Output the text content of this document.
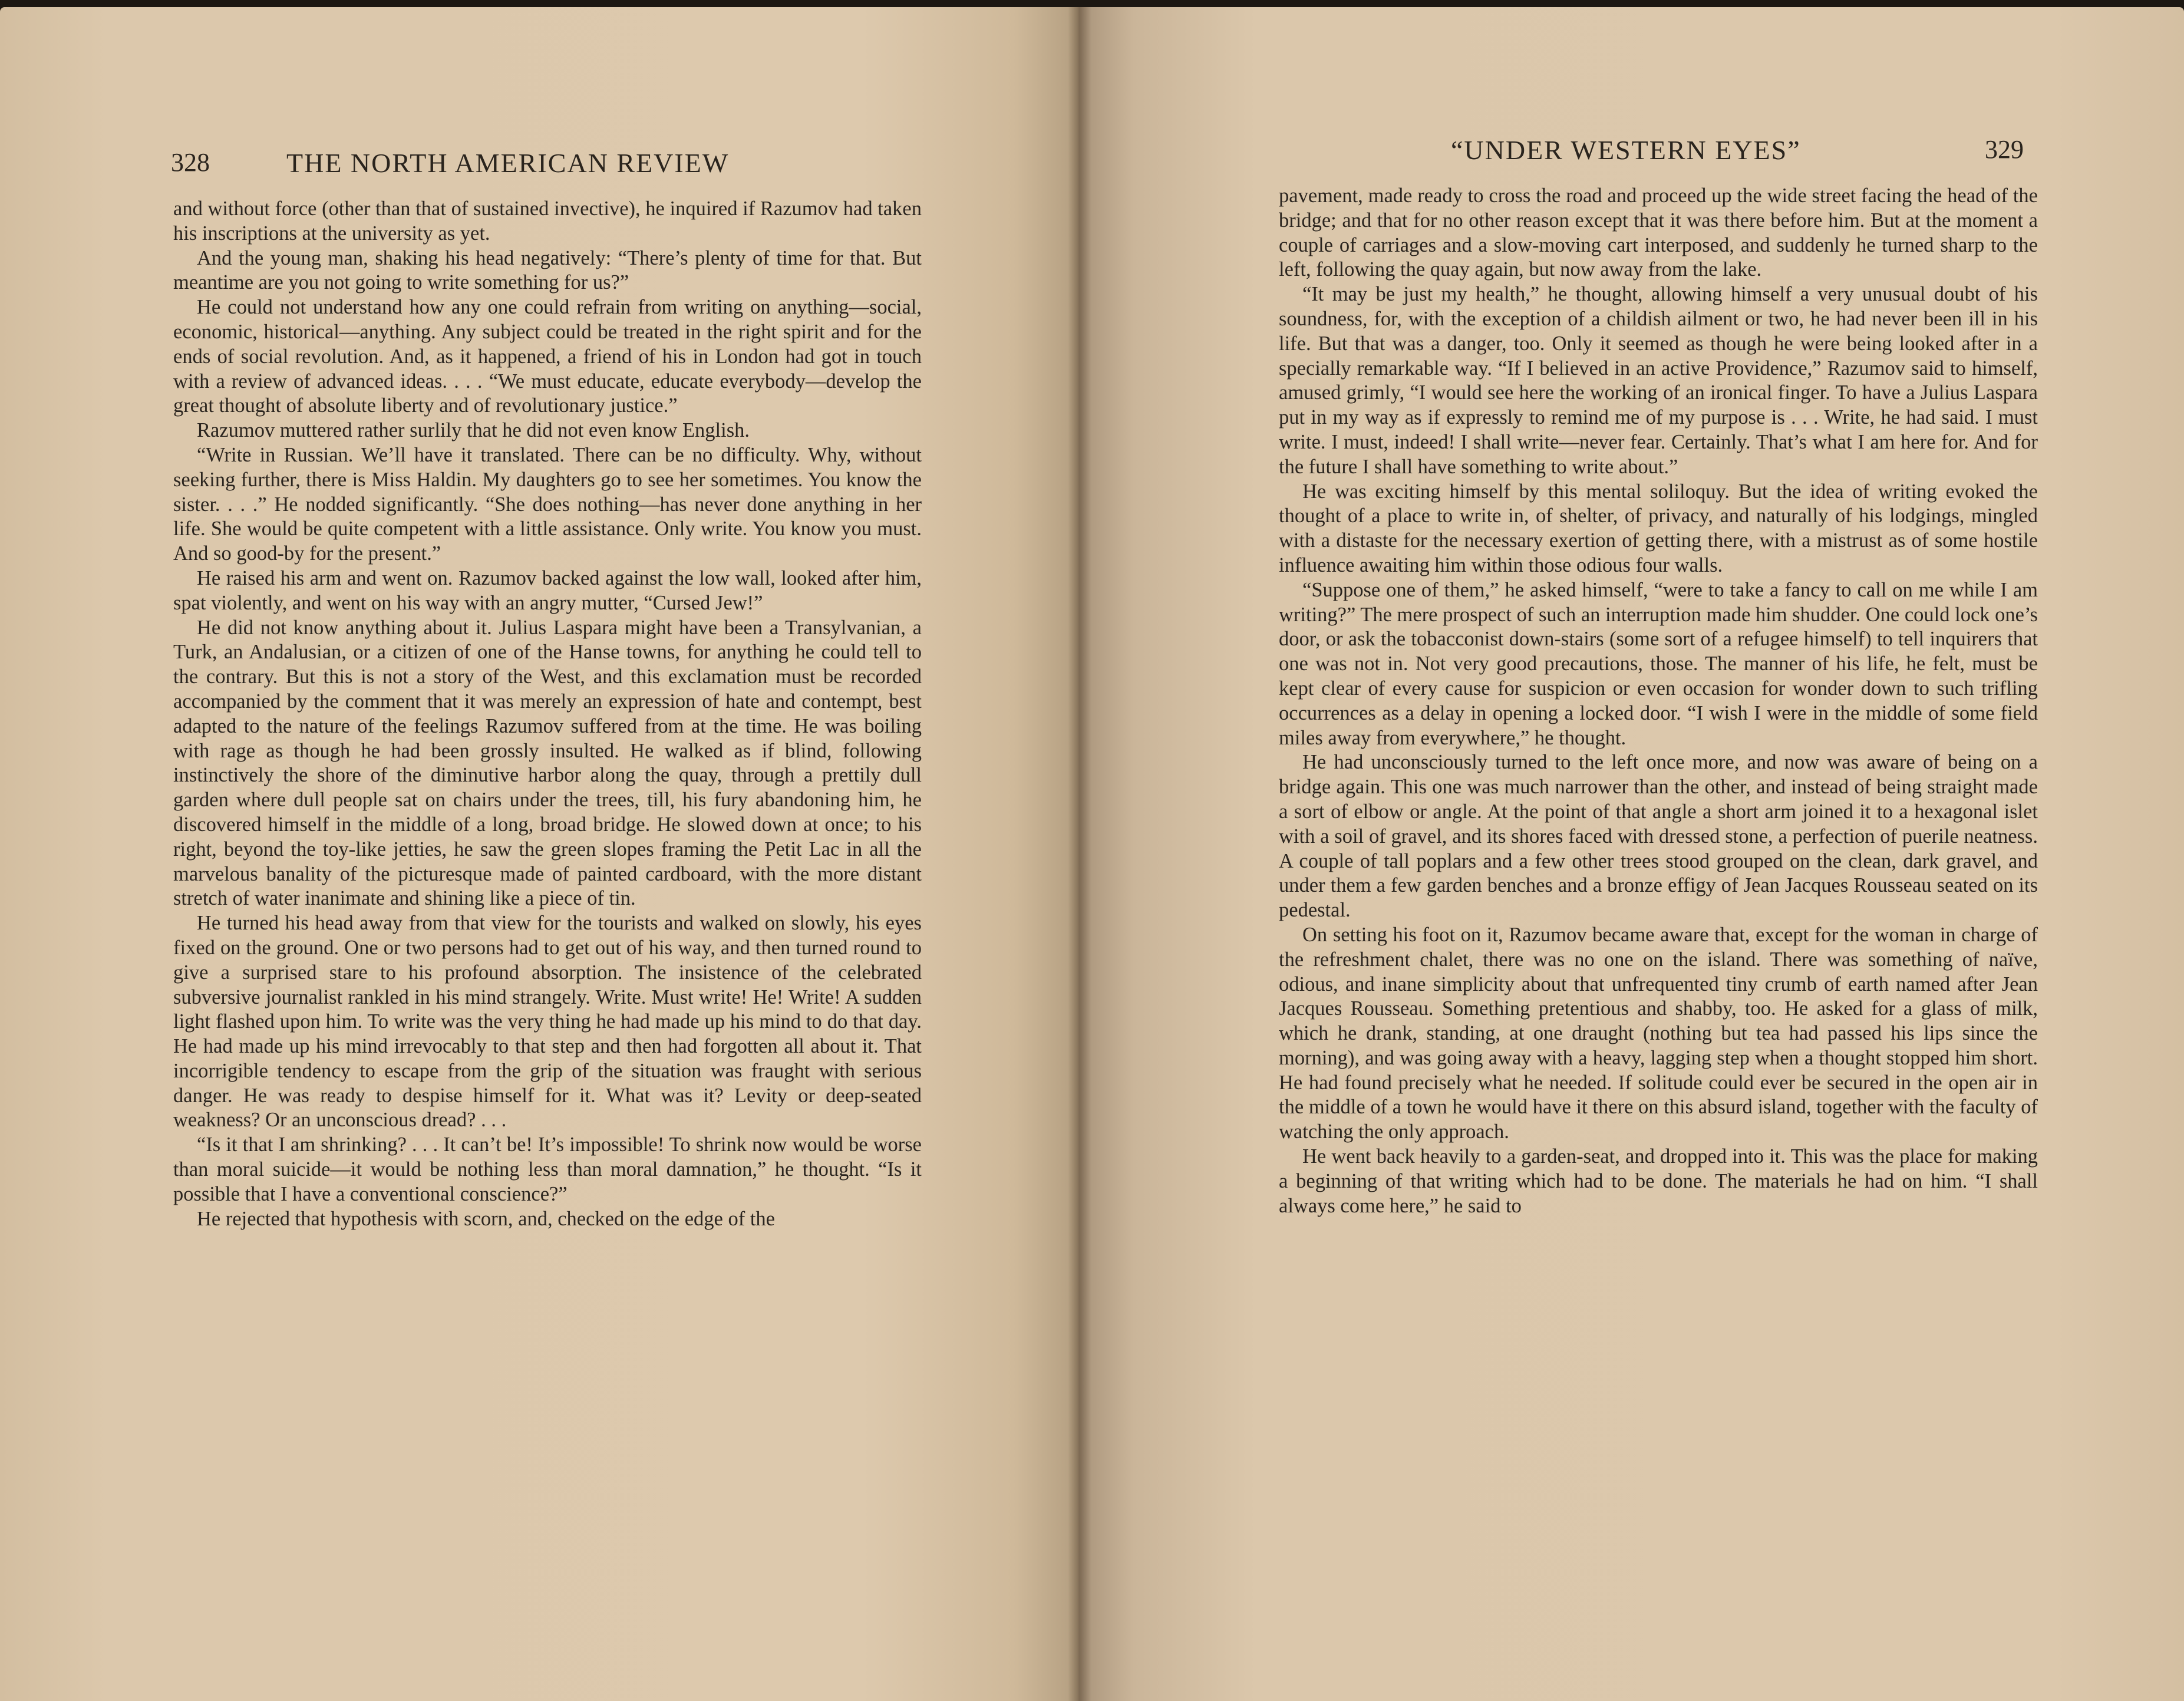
328	THE NORTH AMERICAN REVIEW

and without force (other than that of sustained invective), he inquired if Razumov had taken his inscriptions at the university as yet.

And the young man, shaking his head negatively: “There’s plenty of time for that. But meantime are you not going to write something for us?”

He could not understand how any one could refrain from writing on anything—social, economic, historical—anything. Any subject could be treated in the right spirit and for the ends of social revolution. And, as it happened, a friend of his in London had got in touch with a review of advanced ideas. . . . “We must educate, educate everybody—develop the great thought of absolute liberty and of revolutionary justice.”

Razumov muttered rather surlily that he did not even know English.

“Write in Russian. We’ll have it translated. There can be no difficulty. Why, without seeking further, there is Miss Haldin. My daughters go to see her sometimes. You know the sister. . . .” He nodded significantly. “She does nothing—has never done anything in her life. She would be quite competent with a little assistance. Only write. You know you must. And so good-by for the present.”

He raised his arm and went on. Razumov backed against the low wall, looked after him, spat violently, and went on his way with an angry mutter, “Cursed Jew!”

He did not know anything about it. Julius Laspara might have been a Transylvanian, a Turk, an Andalusian, or a citizen of one of the Hanse towns, for anything he could tell to the contrary. But this is not a story of the West, and this exclamation must be recorded accompanied by the comment that it was merely an expression of hate and contempt, best adapted to the nature of the feelings Razumov suffered from at the time. He was boiling with rage as though he had been grossly insulted. He walked as if blind, following instinctively the shore of the diminutive harbor along the quay, through a prettily dull garden where dull people sat on chairs under the trees, till, his fury abandoning him, he discovered himself in the middle of a long, broad bridge. He slowed down at once; to his right, beyond the toy-like jetties, he saw the green slopes framing the Petit Lac in all the marvelous banality of the picturesque made of painted cardboard, with the more distant stretch of water inanimate and shining like a piece of tin.

He turned his head away from that view for the tourists and walked on slowly, his eyes fixed on the ground. One or two persons had to get out of his way, and then turned round to give a surprised stare to his profound absorption. The insistence of the celebrated subversive journalist rankled in his mind strangely. Write. Must write! He! Write! A sudden light flashed upon him. To write was the very thing he had made up his mind to do that day. He had made up his mind irrevocably to that step and then had forgotten all about it. That incorrigible tendency to escape from the grip of the situation was fraught with serious danger. He was ready to despise himself for it. What was it? Levity or deep-seated weakness? Or an unconscious dread? . . .

“Is it that I am shrinking? . . . It can’t be! It’s impossible! To shrink now would be worse than moral suicide—it would be nothing less than moral damnation,” he thought. “Is it possible that I have a conventional conscience?”

He rejected that hypothesis with scorn, and, checked on the edge of the

“UNDER WESTERN EYES”	329

pavement, made ready to cross the road and proceed up the wide street facing the head of the bridge; and that for no other reason except that it was there before him. But at the moment a couple of carriages and a slow-moving cart interposed, and suddenly he turned sharp to the left, following the quay again, but now away from the lake.

“It may be just my health,” he thought, allowing himself a very unusual doubt of his soundness, for, with the exception of a childish ailment or two, he had never been ill in his life. But that was a danger, too. Only it seemed as though he were being looked after in a specially remarkable way. “If I believed in an active Providence,” Razumov said to himself, amused grimly, “I would see here the working of an ironical finger. To have a Julius Laspara put in my way as if expressly to remind me of my purpose is . . . Write, he had said. I must write. I must, indeed! I shall write—never fear. Certainly. That’s what I am here for. And for the future I shall have something to write about.”

He was exciting himself by this mental soliloquy. But the idea of writing evoked the thought of a place to write in, of shelter, of privacy, and naturally of his lodgings, mingled with a distaste for the necessary exertion of getting there, with a mistrust as of some hostile influence awaiting him within those odious four walls.

“Suppose one of them,” he asked himself, “were to take a fancy to call on me while I am writing?” The mere prospect of such an interruption made him shudder. One could lock one’s door, or ask the tobacconist down-stairs (some sort of a refugee himself) to tell inquirers that one was not in. Not very good precautions, those. The manner of his life, he felt, must be kept clear of every cause for suspicion or even occasion for wonder down to such trifling occurrences as a delay in opening a locked door. “I wish I were in the middle of some field miles away from everywhere,” he thought.

He had unconsciously turned to the left once more, and now was aware of being on a bridge again. This one was much narrower than the other, and instead of being straight made a sort of elbow or angle. At the point of that angle a short arm joined it to a hexagonal islet with a soil of gravel, and its shores faced with dressed stone, a perfection of puerile neatness. A couple of tall poplars and a few other trees stood grouped on the clean, dark gravel, and under them a few garden benches and a bronze effigy of Jean Jacques Rousseau seated on its pedestal.

On setting his foot on it, Razumov became aware that, except for the woman in charge of the refreshment chalet, there was no one on the island. There was something of naïve, odious, and inane simplicity about that unfrequented tiny crumb of earth named after Jean Jacques Rousseau. Something pretentious and shabby, too. He asked for a glass of milk, which he drank, standing, at one draught (nothing but tea had passed his lips since the morning), and was going away with a heavy, lagging step when a thought stopped him short. He had found precisely what he needed. If solitude could ever be secured in the open air in the middle of a town he would have it there on this absurd island, together with the faculty of watching the only approach.

He went back heavily to a garden-seat, and dropped into it. This was the place for making a beginning of that writing which had to be done. The materials he had on him. “I shall always come here,” he said to
